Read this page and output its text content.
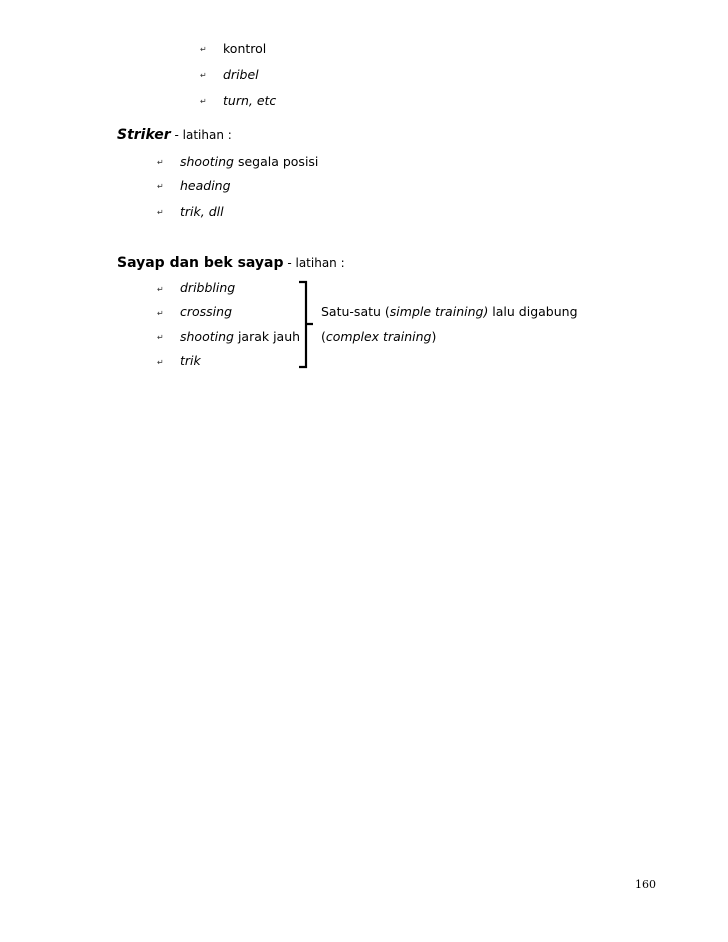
↵ kontrol
↵ dribel
↵ turn, etc
Striker - latihan :
↵ shooting segala posisi
↵ heading
↵ trik, dll
Sayap dan bek sayap - latihan :
↵ dribbling
↵ crossing
↵ shooting jarak jauh
↵ trik
Satu-satu (simple training) lalu digabung
(complex training)
160
